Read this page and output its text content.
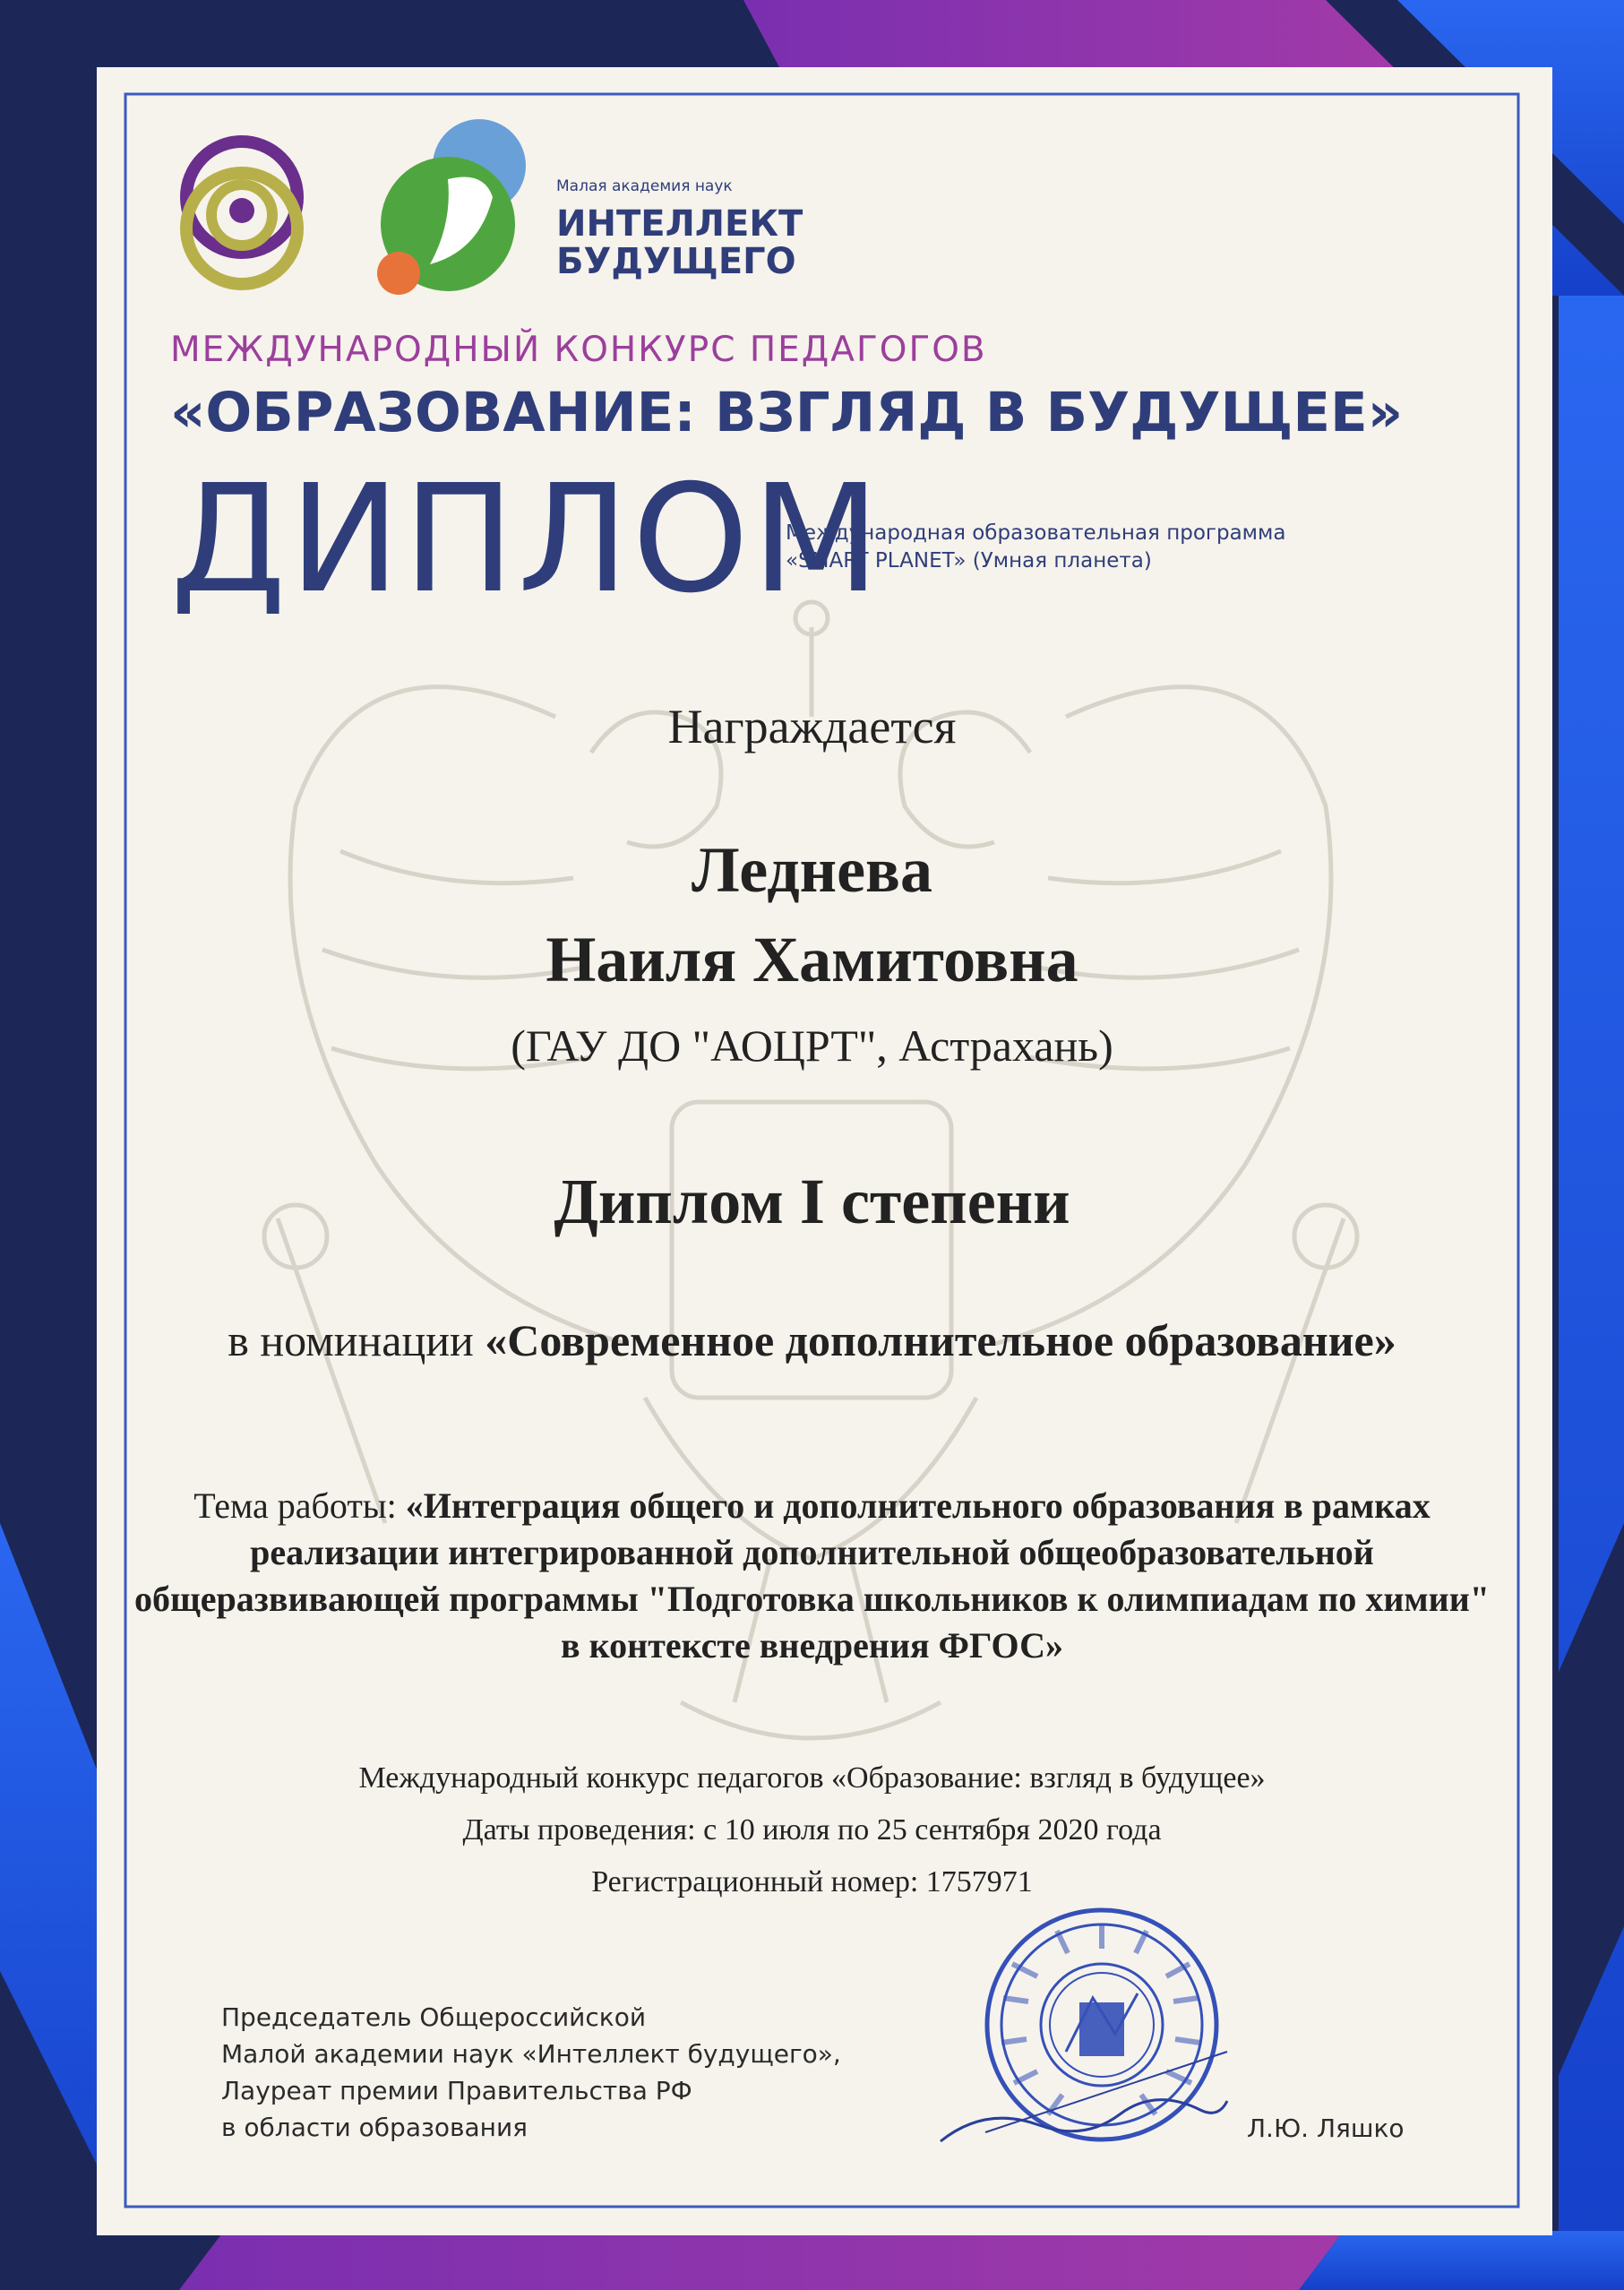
Малая академия наук
ИНТЕЛЛЕКТ
БУДУЩЕГО
МЕЖДУНАРОДНЫЙ КОНКУРС ПЕДАГОГОВ
«ОБРАЗОВАНИЕ: ВЗГЛЯД В БУДУЩЕЕ»
ДИПЛОМ
Международная образовательная программа
«SMART PLANET» (Умная планета)
Награждается
Леднева
Наиля Хамитовна
(ГАУ ДО "АОЦРТ", Астрахань)
Диплом I степени
в номинации «Современное дополнительное образование»
Тема работы: «Интеграция общего и дополнительного образования в рамках реализации интегрированной дополнительной общеобразовательной общеразвивающей программы "Подготовка школьников к олимпиадам по химии" в контексте внедрения ФГОС»
Международный конкурс педагогов «Образование: взгляд в будущее»
Даты проведения: с 10 июля по 25 сентября 2020 года
Регистрационный номер: 1757971
Председатель Общероссийской
Малой академии наук «Интеллект будущего»,
Лауреат премии Правительства РФ
в области образования	Л.Ю. Ляшко
